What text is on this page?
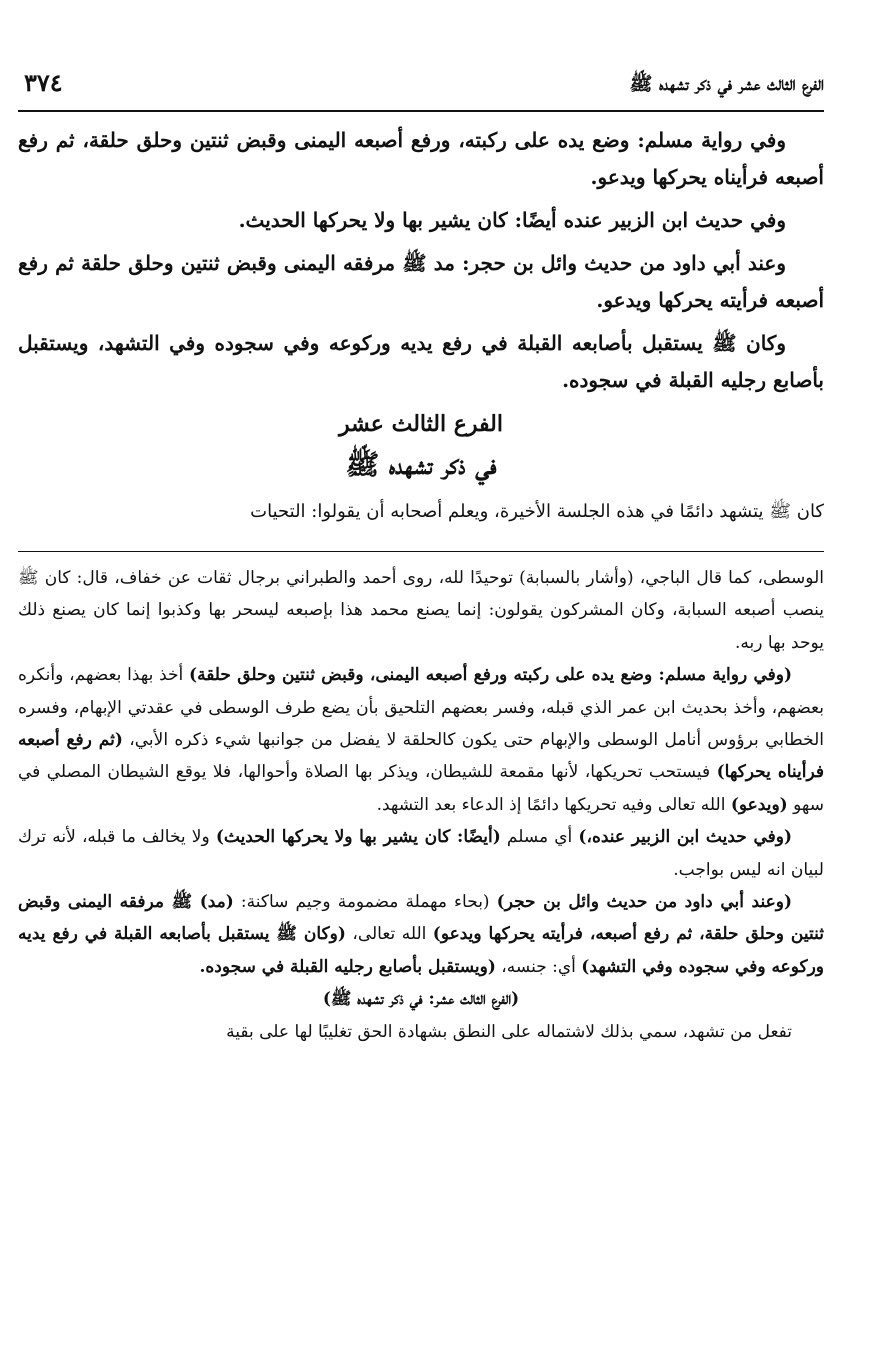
الفرع الثالث عشر في ذكر تشهده ﷺ
٣٧٤

وفي رواية مسلم: وضع يده على ركبته، ورفع أصبعه اليمنى وقبض ثنتين وحلق حلقة، ثم رفع أصبعه فرأيناه يحركها ويدعو.

وفي حديث ابن الزبير عنده أيضًا: كان يشير بها ولا يحركها الحديث.

وعند أبي داود من حديث وائل بن حجر: مد ﷺ مرفقه اليمنى وقبض ثنتين وحلق حلقة ثم رفع أصبعه فرأيته يحركها ويدعو.

وكان ﷺ يستقبل بأصابعه القبلة في رفع يديه وركوعه وفي سجوده وفي التشهد، ويستقبل بأصابع رجليه القبلة في سجوده.

الفرع الثالث عشر
في ذكر تشهده ﷺ
كان ﷺ يتشهد دائمًا في هذه الجلسة الأخيرة، ويعلم أصحابه أن يقولوا: التحيات

الوسطى، كما قال الباجي، (وأشار بالسبابة) توحيدًا لله، روى أحمد والطبراني برجال ثقات عن خفاف، قال: كان ﷺ ينصب أصبعه السبابة، وكان المشركون يقولون: إنما يصنع محمد هذا بإصبعه ليسحر بها وكذبوا إنما كان يصنع ذلك يوحد بها ربه.

(وفي رواية مسلم: وضع يده على ركبته ورفع أصبعه اليمنى، وقبض ثنتين وحلق حلقة) أخذ بهذا بعضهم، وأنكره بعضهم، وأخذ بحديث ابن عمر الذي قبله، وفسر بعضهم التلحيق بأن يضع طرف الوسطى في عقدتي الإبهام، وفسره الخطابي برؤوس أنامل الوسطى والإبهام حتى يكون كالحلقة لا يفضل من جوانبها شيء ذكره الأبي، (ثم رفع أصبعه فرأيناه يحركها) فيستحب تحريكها، لأنها مقمعة للشيطان، ويذكر بها الصلاة وأحوالها، فلا يوقع الشيطان المصلي في سهو (ويدعو) الله تعالى وفيه تحريكها دائمًا إذ الدعاء بعد التشهد.

(وفي حديث ابن الزبير عنده،) أي مسلم (أيضًا: كان يشير بها ولا يحركها الحديث) ولا يخالف ما قبله، لأنه ترك لبيان انه ليس بواجب.

(وعند أبي داود من حديث وائل بن حجر) (بحاء مهملة مضمومة وجيم ساكنة: (مد) ﷺ مرفقه اليمنى وقبض ثنتين وحلق حلقة، ثم رفع أصبعه، فرأيته يحركها ويدعو) الله تعالى، (وكان ﷺ يستقبل بأصابعه القبلة في رفع يديه وركوعه وفي سجوده وفي التشهد) أي: جنسه، (ويستقبل بأصابع رجليه القبلة في سجوده.

(الفرع الثالث عشر: في ذكر تشهده ﷺ)

تفعل من تشهد، سمي بذلك لاشتماله على النطق بشهادة الحق تغليبًا لها على بقية
